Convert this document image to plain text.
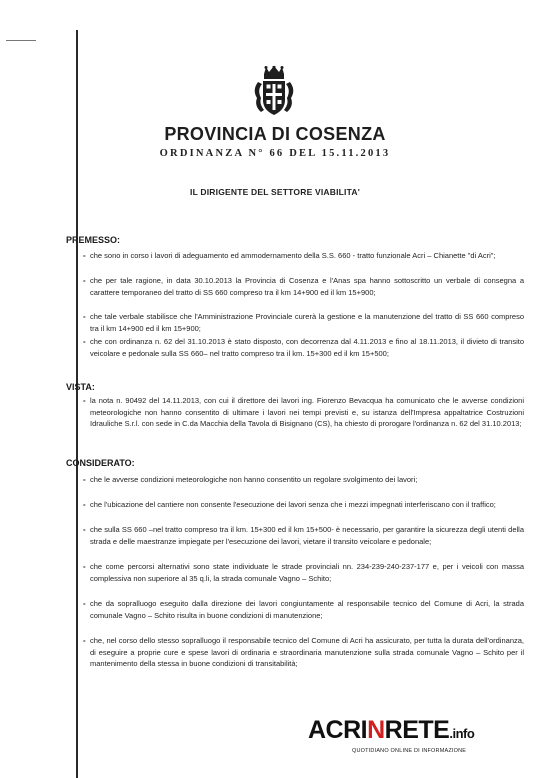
PROVINCIA DI COSENZA
ORDINANZA N° 66 DEL 15.11.2013
IL DIRIGENTE DEL SETTORE VIABILITA'
PREMESSO:
- che sono in corso i lavori di adeguamento ed ammodernamento della S.S. 660 - tratto funzionale Acri – Chianette "di Acri";
- che per tale ragione, in data 30.10.2013 la Provincia di Cosenza e l'Anas spa hanno sottoscritto un verbale di consegna a carattere temporaneo del tratto di SS 660 compreso tra il km 14+900 ed il km 15+900;
- che tale verbale stabilisce che l'Amministrazione Provinciale curerà la gestione e la manutenzione del tratto di SS 660 compreso tra il km 14+900 ed il km 15+900;
- che con ordinanza n. 62 del 31.10.2013 è stato disposto, con decorrenza dal 4.11.2013 e fino al 18.11.2013, il divieto di transito veicolare e pedonale sulla SS 660– nel tratto compreso tra il km. 15+300 ed il km 15+500;
VISTA:
- la nota n. 90492 del 14.11.2013, con cui il direttore dei lavori ing. Fiorenzo Bevacqua ha comunicato che le avverse condizioni meteorologiche non hanno consentito di ultimare i lavori nei tempi previsti e, su istanza dell'Impresa appaltatrice Costruzioni Idrauliche S.r.l. con sede in C.da Macchia della Tavola di Bisignano (CS), ha chiesto di prorogare l'ordinanza n. 62 del 31.10.2013;
CONSIDERATO:
- che le avverse condizioni meteorologiche non hanno consentito un regolare svolgimento dei lavori;
- che l'ubicazione del cantiere non consente l'esecuzione dei lavori senza che i mezzi impegnati interferiscano con il traffico;
- che sulla SS 660 –nel tratto compreso tra il km. 15+300 ed il km 15+500- è necessario, per garantire la sicurezza degli utenti della strada e delle maestranze impiegate per l'esecuzione dei lavori, vietare il transito veicolare e pedonale;
- che come percorsi alternativi sono state individuate le strade provinciali nn. 234-239-240-237-177 e, per i veicoli con massa complessiva non superiore al 35 q.li, la strada comunale Vagno – Schito;
- che da sopralluogo eseguito dalla direzione dei lavori congiuntamente al responsabile tecnico del Comune di Acri, la strada comunale Vagno – Schito risulta in buone condizioni di manutenzione;
- che, nel corso dello stesso sopralluogo il responsabile tecnico del Comune di Acri ha assicurato, per tutta la durata dell'ordinanza, di eseguire a proprie cure e spese lavori di ordinaria e straordinaria manutenzione sulla strada comunale Vagno – Schito per il mantenimento della stessa in buone condizioni di transitabilità;
ACRINRETE.info
QUOTIDIANO ONLINE DI INFORMAZIONE
